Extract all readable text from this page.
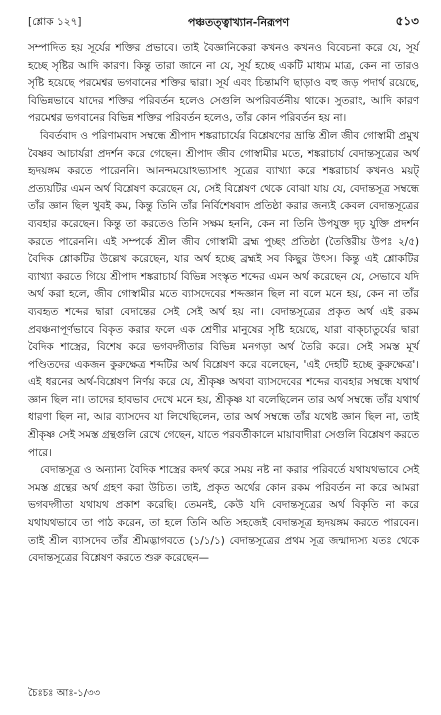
[শ্লোক ১২৭]	পঞ্চতত্ত্বাখ্যান-নিরূপণ	৫১৩

সম্পাদিত হয় সূর্যের শক্তির প্রভাবে। তাই বৈজ্ঞানিকেরা কখনও কখনও বিবেচনা করে যে, সূর্য হচ্ছে সৃষ্টির আদি কারণ। কিন্তু তারা জানে না যে, সূর্য হচ্ছে একটি মাধ্যম মাত্র, কেন না তারও সৃষ্টি হয়েছে পরমেশ্বর ভগবানের শক্তির দ্বারা। সূর্য এবং চিন্তামণি ছাড়াও বহু জড় পদার্থ রয়েছে, বিভিন্নভাবে যাদের শক্তির পরিবর্তন হলেও সেগুলি অপরিবর্তনীয় থাকে। সুতরাং, আদি কারণ পরমেশ্বর ভগবানের বিভিন্ন শক্তির পরিবর্তন হলেও, তাঁর কোন পরিবর্তন হয় না।

বিবর্তবাদ ও পরিণামবাদ সম্বন্ধে শ্রীপাদ শঙ্করাচার্যের বিশ্লেষণের ভ্রান্তি শ্রীল জীব গোস্বামী প্রমুখ বৈষ্ণব আচার্যরা প্রদর্শন করে গেছেন। শ্রীপাদ জীব গোস্বামীর মতে, শঙ্করাচার্য বেদান্তসূত্রের অর্থ হৃদয়ঙ্গম করতে পারেননি। আনন্দময়োঽভ্যাসাৎ সূত্রের ব্যাখ্যা করে শঙ্করাচার্য কখনও ময়ট্ প্রত্যয়টির এমন অর্থ বিশ্লেষণ করেছেন যে, সেই বিশ্লেষণ থেকে বোঝা যায় যে, বেদান্তসূত্র সম্বন্ধে তাঁর জ্ঞান ছিল খুবই কম, কিন্তু তিনি তাঁর নির্বিশেষবাদ প্রতিষ্ঠা করার জন্যই কেবল বেদান্তসূত্রের ব্যবহার করেছেন। কিন্তু তা করতেও তিনি সক্ষম হননি, কেন না তিনি উপযুক্ত দৃঢ় যুক্তি প্রদর্শন করতে পারেননি। এই সম্পর্কে শ্রীল জীব গোস্বামী ব্রহ্ম পুচ্ছং প্রতিষ্ঠা (তৈত্তিরীয় উপঃ ২/৫) বৈদিক শ্লোকটির উল্লেখ করেছেন, যার অর্থ হচ্ছে ব্রহ্মই সব কিছুর উৎস। কিন্তু এই শ্লোকটির ব্যাখ্যা করতে গিয়ে শ্রীপাদ শঙ্করাচার্য বিভিন্ন সংস্কৃত শব্দের এমন অর্থ করেছেন যে, সেভাবে যদি অর্থ করা হলে, জীব গোস্বামীর মতে ব্যাসদেবের শব্দজ্ঞান ছিল না বলে মনে হয়, কেন না তাঁর ব্যবহৃত শব্দের দ্বারা বেদান্তের সেই সেই অর্থ হয় না। বেদান্তসূত্রের প্রকৃত অর্থ এই রকম প্রবঞ্চনাপূর্ণভাবে বিকৃত করার ফলে এক শ্রেণীর মানুষের সৃষ্টি হয়েছে, যারা বাক্চাতুর্যের দ্বারা বৈদিক শাস্ত্রের, বিশেষ করে ভগবদ্গীতার বিভিন্ন মনগড়া অর্থ তৈরি করে। সেই সমস্ত মূর্খ পণ্ডিতদের একজন কুরুক্ষেত্র শব্দটির অর্থ বিশ্লেষণ করে বলেছেন, 'এই দেহটি হচ্ছে কুরুক্ষেত্র'। এই ধরনের অর্থ-বিশ্লেষণ নির্ণয় করে যে, শ্রীকৃষ্ণ অথবা ব্যাসদেবের শব্দের ব্যবহার সম্বন্ধে যথার্থ জ্ঞান ছিল না। তাদের হাবভাব দেখে মনে হয়, শ্রীকৃষ্ণ যা বলেছিলেন তার অর্থ সম্বন্ধে তাঁর যথার্থ ধারণা ছিল না, আর ব্যাসদেব যা লিখেছিলেন, তার অর্থ সম্বন্ধে তাঁর যথেষ্ট জ্ঞান ছিল না, তাই শ্রীকৃষ্ণ সেই সমস্ত গ্রন্থগুলি রেখে গেছেন, যাতে পরবর্তীকালে মায়াবাদীরা সেগুলি বিশ্লেষণ করতে পারে।

বেদান্তসূত্র ও অন্যান্য বৈদিক শাস্ত্রের কদর্থ করে সময় নষ্ট না করার পরিবর্তে যথাযথভাবে সেই সমস্ত গ্রন্থের অর্থ গ্রহণ করা উচিত। তাই, প্রকৃত অর্থের কোন রকম পরিবর্তন না করে আমরা ভগবদ্গীতা যথাযথ প্রকাশ করেছি। তেমনই, কেউ যদি বেদান্তসূত্রের অর্থ বিকৃতি না করে যথাযথভাবে তা পাঠ করেন, তা হলে তিনি অতি সহজেই বেদান্তসূত্র হৃদয়ঙ্গম করতে পারবেন। তাই শ্রীল ব্যাসদেব তাঁর শ্রীমদ্ভাগবতে (১/১/১) বেদান্তসূত্রের প্রথম সূত্র জন্মাদ্যস্য যতঃ থেকে বেদান্তসূত্রের বিশ্লেষণ করতে শুরু করেছেন—

চৈঃচঃ আঃ-১/৩৩
